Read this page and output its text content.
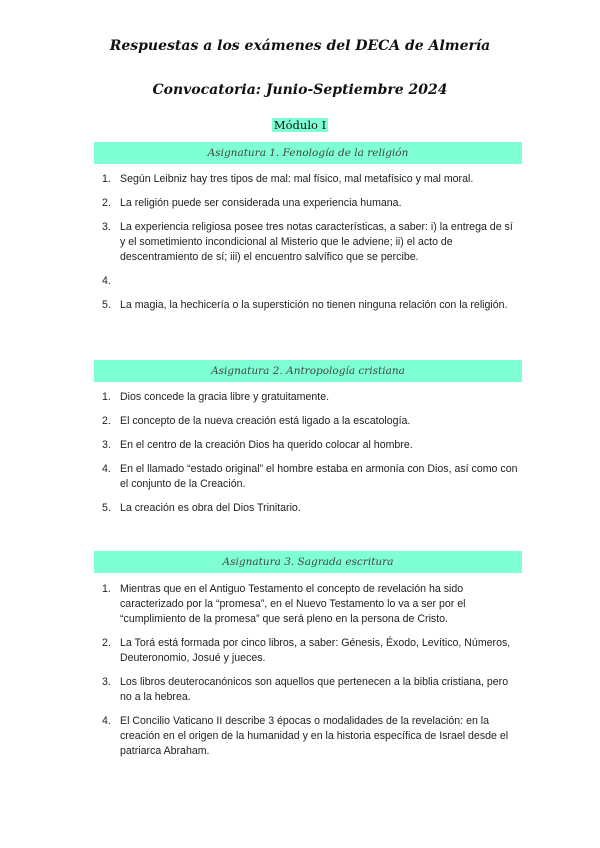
Respuestas a los exámenes del DECA de Almería
Convocatoria: Junio-Septiembre 2024
Módulo I
Asignatura 1. Fenología de la religión
1. Según Leibniz hay tres tipos de mal: mal físico, mal metafísico y mal moral.
2. La religión puede ser considerada una experiencia humana.
3. La experiencia religiosa posee tres notas características, a saber: i) la entrega de sí y el sometimiento incondicional al Misterio que le adviene; ii) el acto de descentramiento de sí; iii) el encuentro salvífico que se percibe.
4.
5. La magia, la hechicería o la superstición no tienen ninguna relación con la religión.
Asignatura 2. Antropología cristiana
1. Dios concede la gracia libre y gratuitamente.
2. El concepto de la nueva creación está ligado a la escatología.
3. En el centro de la creación Dios ha querido colocar al hombre.
4. En el llamado “estado original” el hombre estaba en armonía con Dios, así como con el conjunto de la Creación.
5. La creación es obra del Dios Trinitario.
Asignatura 3. Sagrada escritura
1. Mientras que en el Antiguo Testamento el concepto de revelación ha sido caracterizado por la “promesa”, en el Nuevo Testamento lo va a ser por el “cumplimiento de la promesa” que será pleno en la persona de Cristo.
2. La Torá está formada por cinco libros, a saber: Génesis, Éxodo, Levítico, Números, Deuteronomio, Josué y jueces.
3. Los libros deuterocanónicos son aquellos que pertenecen a la biblia cristiana, pero no a la hebrea.
4. El Concilio Vaticano II describe 3 épocas o modalidades de la revelación: en la creación en el origen de la humanidad y en la historia específica de Israel desde el patriarca Abraham.
